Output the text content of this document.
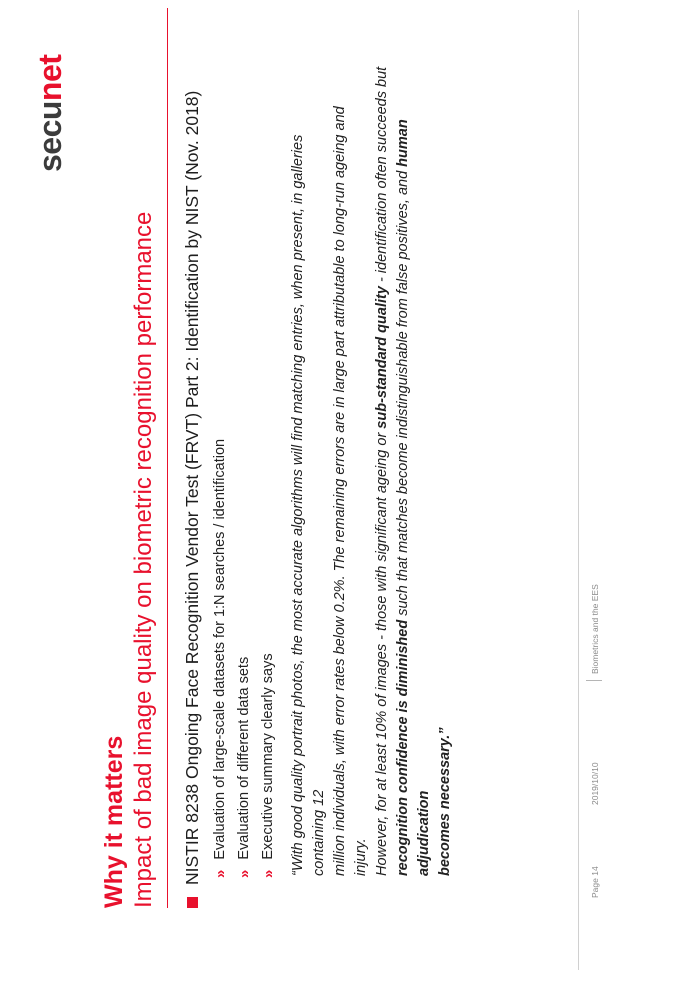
Why it matters Impact of bad image quality on biometric recognition performance
secunet
NISTIR 8238 Ongoing Face Recognition Vendor Test (FRVT) Part 2: Identification by NIST (Nov. 2018) »
Evaluation of large-scale datasets for 1:N searches / identification
»
Evaluation of different data sets
»
Executive summary clearly says “With good quality portrait photos, the most accurate algorithms will find matching entries, when present, in galleries containing 12 million individuals, with error rates below 0.2%. The remaining errors are in large part attributable to long-run ageing and injury. However, for at least 10% of images - those with significant ageing or sub-standard quality - identification often succeeds but
recognition confidence is diminished such that matches become indistinguishable from false positives, and human adjudication becomes necessary.”
Page 14
2019/10/10
Biometrics and the EES
